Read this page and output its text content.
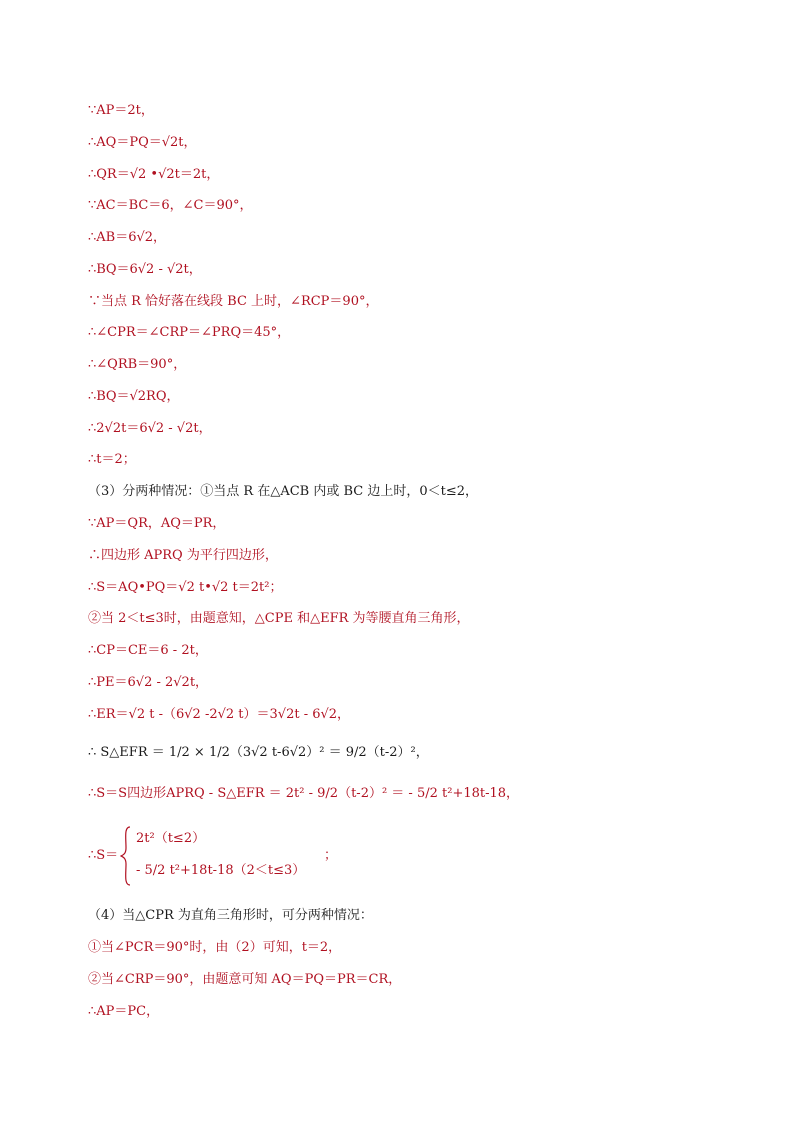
∵AP＝2t，
∴AQ＝PQ＝√2t，
∴QR＝√2 •√2t＝2t，
∵AC＝BC＝6，∠C＝90°，
∴AB＝6√2，
∴BQ＝6√2 - √2t，
∵当点 R 恰好落在线段 BC 上时，∠RCP＝90°，
∴∠CPR＝∠CRP＝∠PRQ＝45°，
∴∠QRB＝90°，
∴BQ＝√2RQ，
∴2√2t＝6√2 - √2t，
∴t＝2；
（3）分两种情况：①当点 R 在△ACB 内或 BC 边上时，0＜t≤2，
∵AP＝QR，AQ＝PR，
∴四边形 APRQ 为平行四边形，
∴S＝AQ•PQ＝√2 t•√2 t＝2t²；
②当 2＜t≤3时，由题意知，△CPE 和△EFR 为等腰直角三角形，
∴CP＝CE＝6 - 2t，
∴PE＝6√2 - 2√2t，
∴ER＝√2 t -（6√2 -2√2 t）＝3√2t - 6√2，
∴ S△EFR ＝ 1/2 × 1/2（3√2 t-6√2）² ＝ 9/2（t-2）²，
∴S＝S四边形APRQ - S△EFR ＝ 2t² - 9/2（t-2）² ＝ - 5/2 t²+18t-18，
∴S＝
2t²（t≤2）
- 5/2 t²+18t-18（2＜t≤3）
；
（4）当△CPR 为直角三角形时，可分两种情况：
①当∠PCR＝90°时，由（2）可知，t＝2，
②当∠CRP＝90°，由题意可知 AQ＝PQ＝PR＝CR，
∴AP＝PC，
